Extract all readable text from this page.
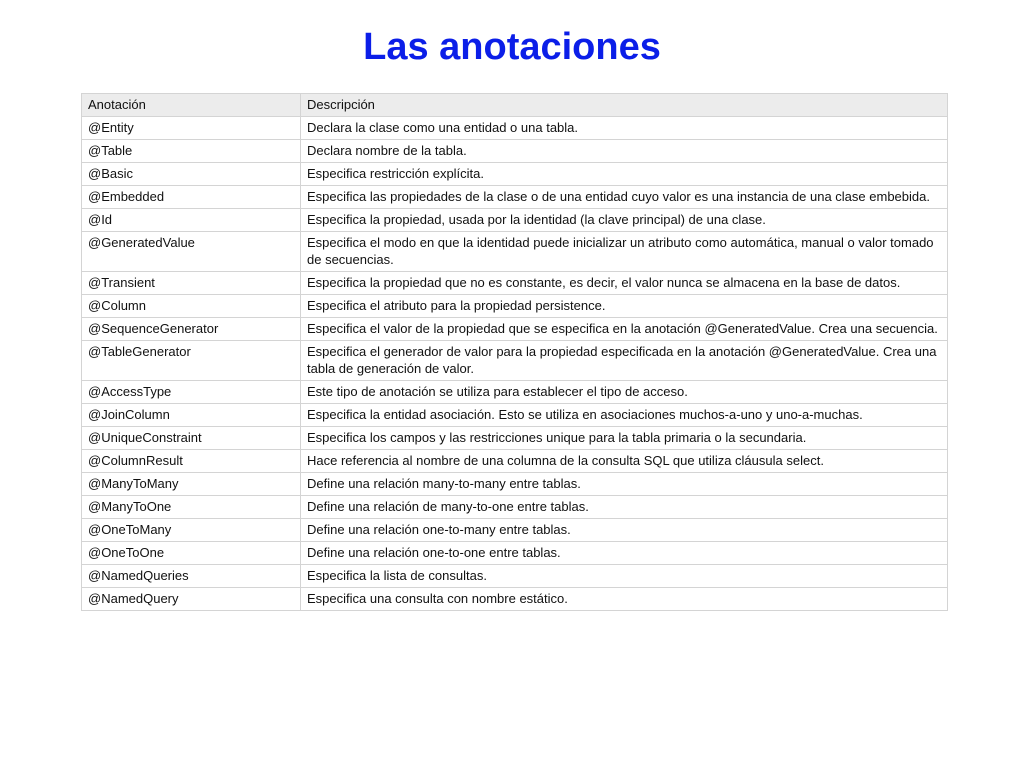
Las anotaciones
Anotación	Descripción
@Entity	Declara la clase como una entidad o una tabla.
@Table	Declara nombre de la tabla.
@Basic	Especifica restricción explícita.
@Embedded	Especifica las propiedades de la clase o de una entidad cuyo valor es una instancia de una clase embebida.
@Id	Especifica la propiedad, usada por la identidad (la clave principal) de una clase.
@GeneratedValue	Especifica el modo en que la identidad puede inicializar un atributo como automática, manual o valor tomado de secuencias.
@Transient	Especifica la propiedad que no es constante, es decir, el valor nunca se almacena en la base de datos.
@Column	Especifica el atributo para la propiedad persistence.
@SequenceGenerator	Especifica el valor de la propiedad que se especifica en la anotación @GeneratedValue. Crea una secuencia.
@TableGenerator	Especifica el generador de valor para la propiedad especificada en la anotación @GeneratedValue. Crea una tabla de generación de valor.
@AccessType	Este tipo de anotación se utiliza para establecer el tipo de acceso.
@JoinColumn	Especifica la entidad asociación. Esto se utiliza en asociaciones muchos-a-uno y uno-a-muchas.
@UniqueConstraint	Especifica los campos y las restricciones unique para la tabla primaria o la secundaria.
@ColumnResult	Hace referencia al nombre de una columna de la consulta SQL que utiliza cláusula select.
@ManyToMany	Define una relación many-to-many entre tablas.
@ManyToOne	Define una relación de many-to-one entre tablas.
@OneToMany	Define una relación one-to-many entre tablas.
@OneToOne	Define una relación one-to-one entre tablas.
@NamedQueries	Especifica la lista de consultas.
@NamedQuery	Especifica una consulta con nombre estático.
